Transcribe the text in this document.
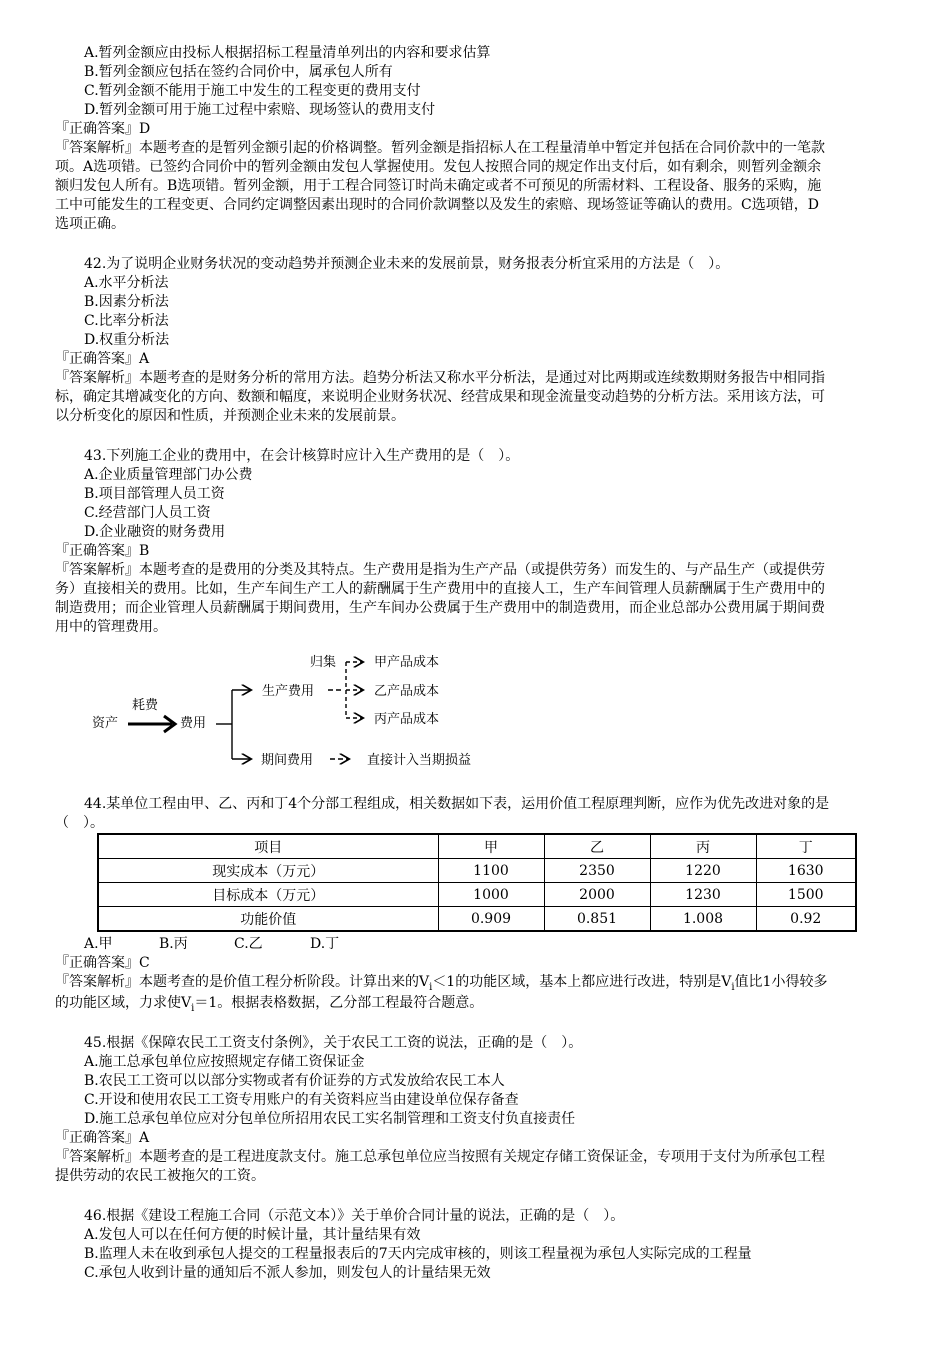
A.暂列金额应由投标人根据招标工程量清单列出的内容和要求估算
B.暂列金额应包括在签约合同价中，属承包人所有
C.暂列金额不能用于施工中发生的工程变更的费用支付
D.暂列金额可用于施工过程中索赔、现场签认的费用支付
『正确答案』D
『答案解析』本题考查的是暂列金额引起的价格调整。暂列金额是指招标人在工程量清单中暂定并包括在合同价款中的一笔款
项。A选项错。已签约合同价中的暂列金额由发包人掌握使用。发包人按照合同的规定作出支付后，如有剩余，则暂列金额余
额归发包人所有。B选项错。暂列金额，用于工程合同签订时尚未确定或者不可预见的所需材料、工程设备、服务的采购，施
工中可能发生的工程变更、合同约定调整因素出现时的合同价款调整以及发生的索赔、现场签证等确认的费用。C选项错，D
选项正确。
42.为了说明企业财务状况的变动趋势并预测企业未来的发展前景，财务报表分析宜采用的方法是（　）。
A.水平分析法
B.因素分析法
C.比率分析法
D.权重分析法
『正确答案』A
『答案解析』本题考查的是财务分析的常用方法。趋势分析法又称水平分析法，是通过对比两期或连续数期财务报告中相同指
标，确定其增减变化的方向、数额和幅度，来说明企业财务状况、经营成果和现金流量变动趋势的分析方法。采用该方法，可
以分析变化的原因和性质，并预测企业未来的发展前景。
43.下列施工企业的费用中，在会计核算时应计入生产费用的是（　）。
A.企业质量管理部门办公费
B.项目部管理人员工资
C.经营部门人员工资
D.企业融资的财务费用
『正确答案』B
『答案解析』本题考查的是费用的分类及其特点。生产费用是指为生产产品（或提供劳务）而发生的、与产品生产（或提供劳
务）直接相关的费用。比如，生产车间生产工人的薪酬属于生产费用中的直接人工，生产车间管理人员薪酬属于生产费用中的
制造费用；而企业管理人员薪酬属于期间费用，生产车间办公费属于生产费用中的制造费用，而企业总部办公费用属于期间费
用中的管理费用。
资产
耗费
费用
生产费用
期间费用
归集	甲产品成本
乙产品成本
丙产品成本
直接计入当期损益
44.某单位工程由甲、乙、丙和丁4个分部工程组成，相关数据如下表，运用价值工程原理判断，应作为优先改进对象的是
（　）。
项目	甲	乙	丙	丁
现实成本（万元）	1100	2350	1220	1630
目标成本（万元）	1000	2000	1230	1500
功能价值	0.909	0.851	1.008	0.92
A.甲	B.丙	C.乙	D.丁
『正确答案』C
『答案解析』本题考查的是价值工程分析阶段。计算出来的$V_i<1$的功能区域，基本上都应进行改进，特别是$V_i$值比1小得较多
的功能区域，力求使$V_i=1$。根据表格数据，乙分部工程最符合题意。
45.根据《保障农民工工资支付条例》，关于农民工工资的说法，正确的是（　）。
A.施工总承包单位应按照规定存储工资保证金
B.农民工工资可以以部分实物或者有价证券的方式发放给农民工本人
C.开设和使用农民工工资专用账户的有关资料应当由建设单位保存备查
D.施工总承包单位应对分包单位所招用农民工实名制管理和工资支付负直接责任
『正确答案』A
『答案解析』本题考查的是工程进度款支付。施工总承包单位应当按照有关规定存储工资保证金，专项用于支付为所承包工程
提供劳动的农民工被拖欠的工资。
46.根据《建设工程施工合同（示范文本）》关于单价合同计量的说法，正确的是（　）。
A.发包人可以在任何方便的时候计量，其计量结果有效
B.监理人未在收到承包人提交的工程量报表后的7天内完成审核的，则该工程量视为承包人实际完成的工程量
C.承包人收到计量的通知后不派人参加，则发包人的计量结果无效
